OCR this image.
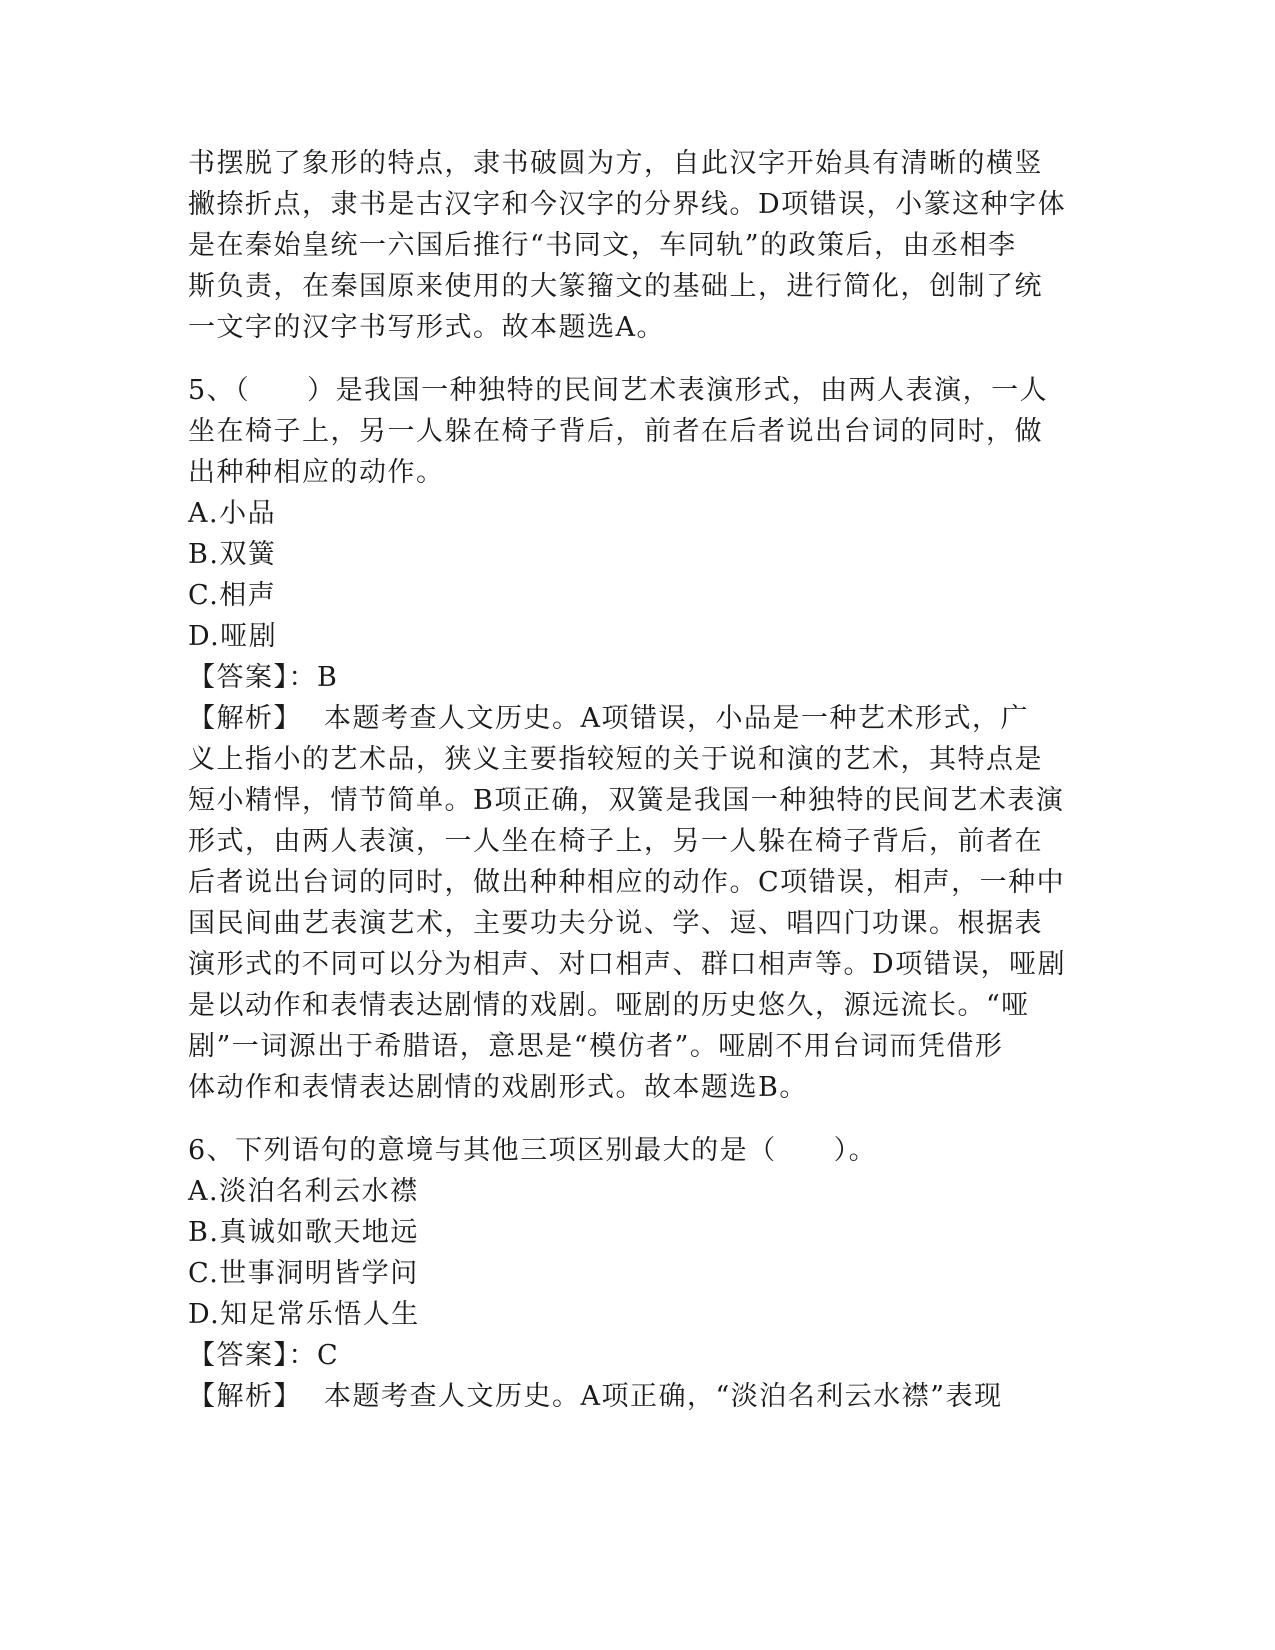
书摆脱了象形的特点，隶书破圆为方，自此汉字开始具有清晰的横竖
撇捺折点，隶书是古汉字和今汉字的分界线。D项错误，小篆这种字体
是在秦始皇统一六国后推行“书同文，车同轨”的政策后，由丞相李
斯负责，在秦国原来使用的大篆籀文的基础上，进行简化，创制了统
一文字的汉字书写形式。故本题选A。
5、（　　）是我国一种独特的民间艺术表演形式，由两人表演，一人
坐在椅子上，另一人躲在椅子背后，前者在后者说出台词的同时，做
出种种相应的动作。
A.小品
B.双簧
C.相声
D.哑剧
【答案】：B
【解析】 本题考查人文历史。A项错误，小品是一种艺术形式，广
义上指小的艺术品，狭义主要指较短的关于说和演的艺术，其特点是
短小精悍，情节简单。B项正确，双簧是我国一种独特的民间艺术表演
形式，由两人表演，一人坐在椅子上，另一人躲在椅子背后，前者在
后者说出台词的同时，做出种种相应的动作。C项错误，相声，一种中
国民间曲艺表演艺术，主要功夫分说、学、逗、唱四门功课。根据表
演形式的不同可以分为相声、对口相声、群口相声等。D项错误，哑剧
是以动作和表情表达剧情的戏剧。哑剧的历史悠久，源远流长。“哑
剧”一词源出于希腊语，意思是“模仿者”。哑剧不用台词而凭借形
体动作和表情表达剧情的戏剧形式。故本题选B。
6、下列语句的意境与其他三项区别最大的是（　　）。
A.淡泊名利云水襟
B.真诚如歌天地远
C.世事洞明皆学问
D.知足常乐悟人生
【答案】：C
【解析】 本题考查人文历史。A项正确，“淡泊名利云水襟”表现
